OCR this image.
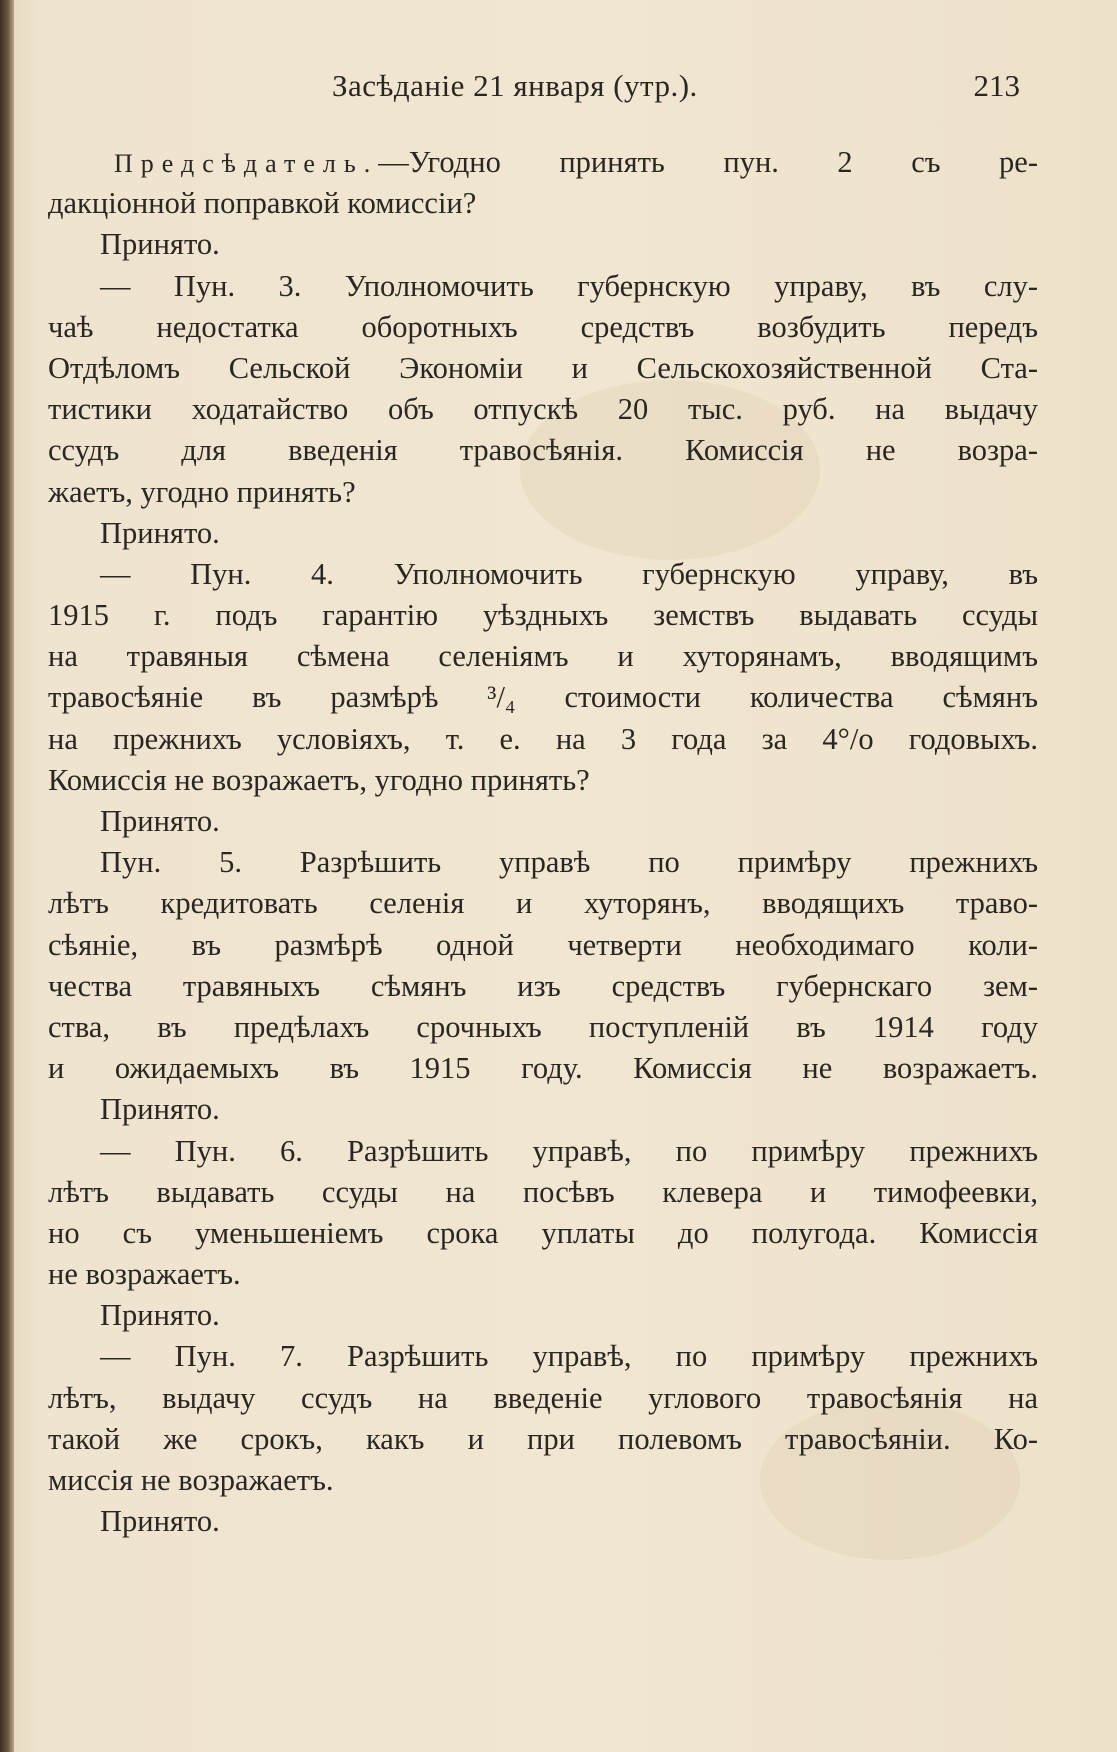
Засѣданіе 21 января (утр.).	213
Предсѣдатель.—Угодно принять пун. 2 съ ре-
дакціонной поправкой комиссіи?
Принято.
— Пун. 3. Уполномочить губернскую управу, въ слу-
чаѣ недостатка оборотныхъ средствъ возбудить передъ
Отдѣломъ Сельской Экономіи и Сельскохозяйственной Ста-
тистики ходатайство объ отпускѣ 20 тыс. руб. на выдачу
ссудъ для введенія травосѣянія. Комиссія не возра-
жаетъ, угодно принять?
Принято.
— Пун. 4. Уполномочить губернскую управу, въ
1915 г. подъ гарантію уѣздныхъ земствъ выдавать ссуды
на травяныя сѣмена селеніямъ и хуторянамъ, вводящимъ
травосѣяніе въ размѣрѣ ³/₄ стоимости количества сѣмянъ
на прежнихъ условіяхъ, т. е. на 3 года за 4°/о годовыхъ.
Комиссія не возражаетъ, угодно принять?
Принято.
Пун. 5. Разрѣшить управѣ по примѣру прежнихъ
лѣтъ кредитовать селенія и хуторянъ, вводящихъ траво-
сѣяніе, въ размѣрѣ одной четверти необходимаго коли-
чества травяныхъ сѣмянъ изъ средствъ губернскаго зем-
ства, въ предѣлахъ срочныхъ поступленій въ 1914 году
и ожидаемыхъ въ 1915 году. Комиссія не возражаетъ.
Принято.
— Пун. 6. Разрѣшить управѣ, по примѣру прежнихъ
лѣтъ выдавать ссуды на посѣвъ клевера и тимофеевки,
но съ уменьшеніемъ срока уплаты до полугода. Комиссія
не возражаетъ.
Принято.
— Пун. 7. Разрѣшить управѣ, по примѣру прежнихъ
лѣтъ, выдачу ссудъ на введеніе углового травосѣянія на
такой же срокъ, какъ и при полевомъ травосѣяніи. Ко-
миссія не возражаетъ.
Принято.
